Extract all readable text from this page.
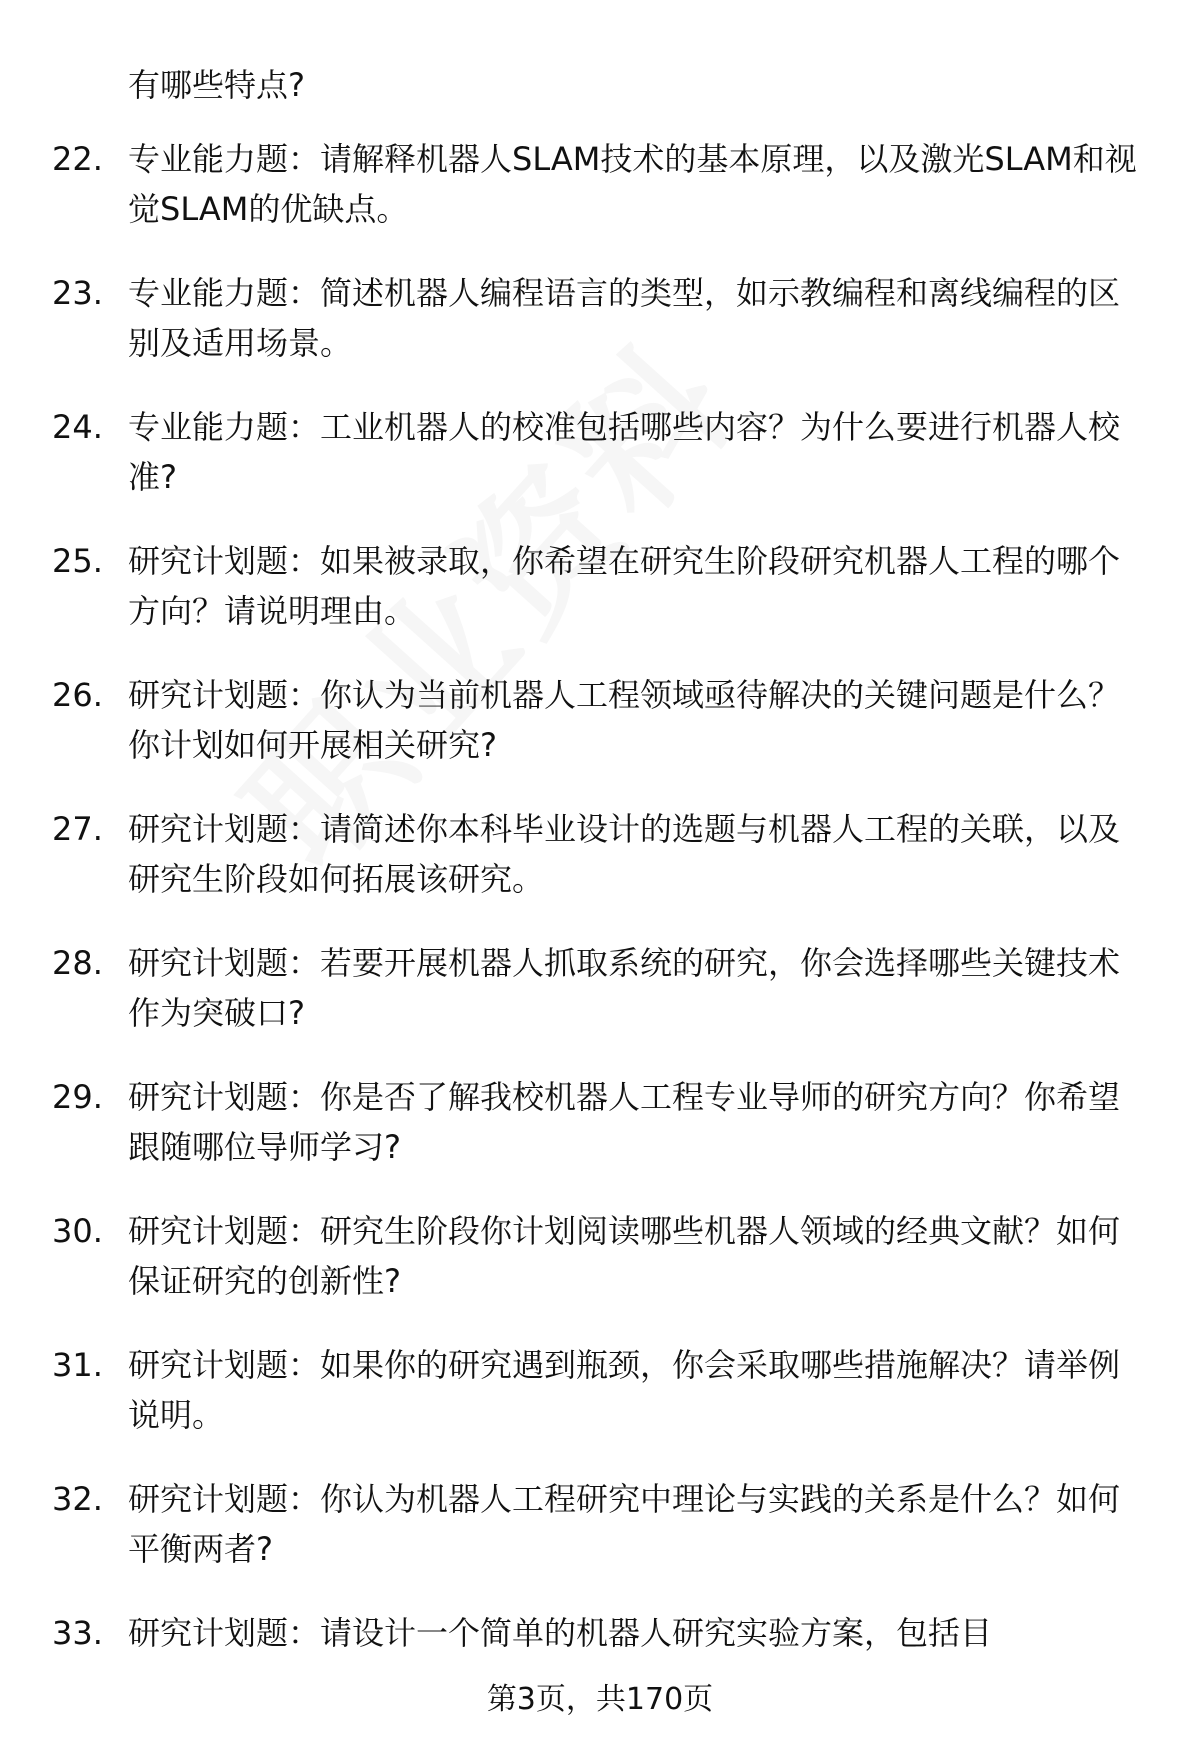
有哪些特点?
22. 专业能力题：请解释机器人SLAM技术的基本原理，以及激光SLAM和视觉SLAM的优缺点。
23. 专业能力题：简述机器人编程语言的类型，如示教编程和离线编程的区别及适用场景。
24. 专业能力题：工业机器人的校准包括哪些内容？为什么要进行机器人校准?
25. 研究计划题：如果被录取，你希望在研究生阶段研究机器人工程的哪个方向？请说明理由。
26. 研究计划题：你认为当前机器人工程领域亟待解决的关键问题是什么？你计划如何开展相关研究?
27. 研究计划题：请简述你本科毕业设计的选题与机器人工程的关联，以及研究生阶段如何拓展该研究。
28. 研究计划题：若要开展机器人抓取系统的研究，你会选择哪些关键技术作为突破口?
29. 研究计划题：你是否了解我校机器人工程专业导师的研究方向？你希望跟随哪位导师学习?
30. 研究计划题：研究生阶段你计划阅读哪些机器人领域的经典文献？如何保证研究的创新性?
31. 研究计划题：如果你的研究遇到瓶颈，你会采取哪些措施解决？请举例说明。
32. 研究计划题：你认为机器人工程研究中理论与实践的关系是什么？如何平衡两者?
33. 研究计划题：请设计一个简单的机器人研究实验方案，包括目
第3页，共170页
